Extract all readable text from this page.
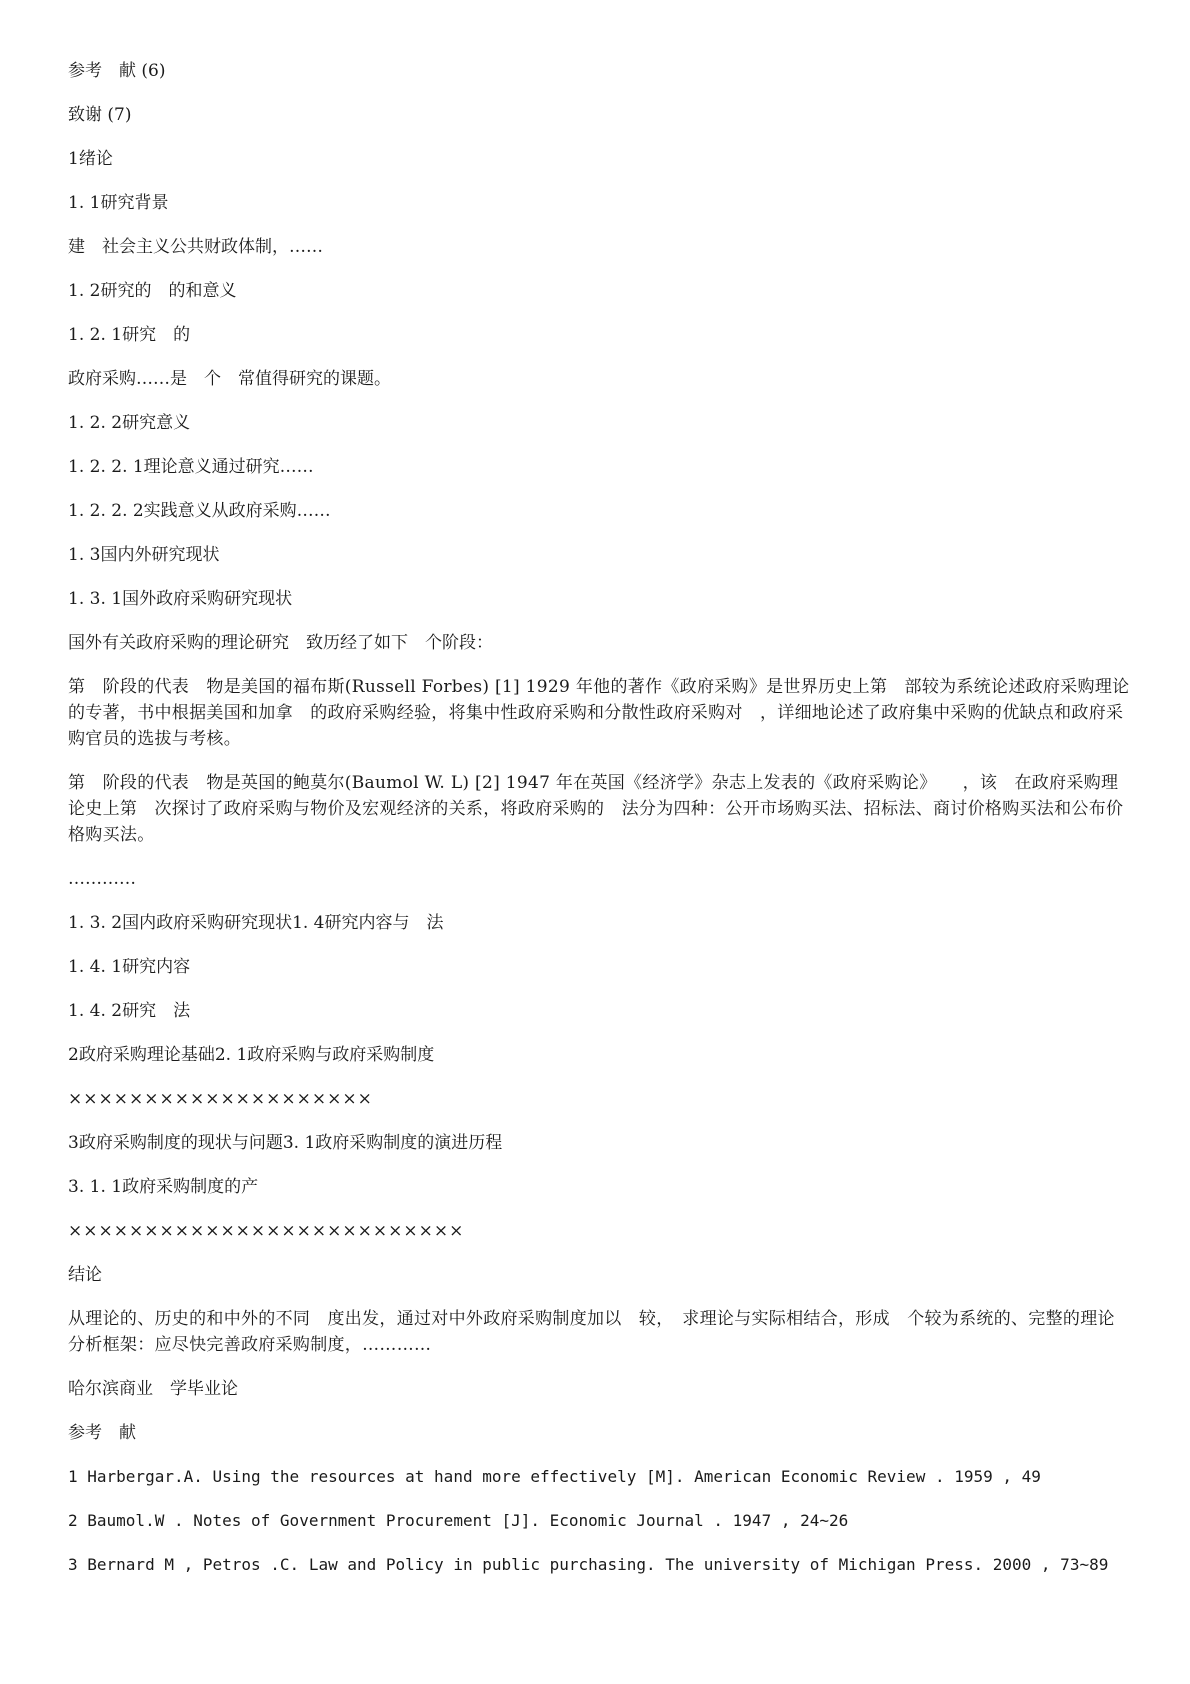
参考　献 (6)
致谢 (7)
1绪论
1. 1研究背景
建　社会主义公共财政体制，……
1. 2研究的　的和意义
1. 2. 1研究　的
政府采购……是　个　常值得研究的课题。
1. 2. 2研究意义
1. 2. 2. 1理论意义通过研究……
1. 2. 2. 2实践意义从政府采购……
1. 3国内外研究现状
1. 3. 1国外政府采购研究现状
国外有关政府采购的理论研究　致历经了如下　个阶段：
第　阶段的代表　物是美国的福布斯(Russell Forbes) [1] 1929 年他的著作《政府采购》是世界历史上第　部较为系统论述政府采购理论的专著，书中根据美国和加拿　的政府采购经验，将集中性政府采购和分散性政府采购对　，详细地论述了政府集中采购的优缺点和政府采购官员的选拔与考核。
第　阶段的代表　物是英国的鲍莫尔(Baumol W. L) [2] 1947 年在英国《经济学》杂志上发表的《政府采购论》　　，该　在政府采购理论史上第　次探讨了政府采购与物价及宏观经济的关系，将政府采购的　法分为四种：公开市场购买法、招标法、商讨价格购买法和公布价格购买法。
…………
1. 3. 2国内政府采购研究现状1. 4研究内容与　法
1. 4. 1研究内容
1. 4. 2研究　法
2政府采购理论基础2. 1政府采购与政府采购制度
××××××××××××××××××××
3政府采购制度的现状与问题3. 1政府采购制度的演进历程
3. 1. 1政府采购制度的产
××××××××××××××××××××××××××
结论
从理论的、历史的和中外的不同　度出发，通过对中外政府采购制度加以　较，　求理论与实际相结合，形成　个较为系统的、完整的理论分析框架：应尽快完善政府采购制度，…………
哈尔滨商业　学毕业论
参考　献
1 Harbergar.A. Using the resources at hand more effectively [M]. American Economic Review . 1959 , 49
2 Baumol.W . Notes of Government Procurement [J]. Economic Journal . 1947 , 24~26
3 Bernard M , Petros .C. Law and Policy in public purchasing. The university of Michigan Press. 2000 , 73~89
